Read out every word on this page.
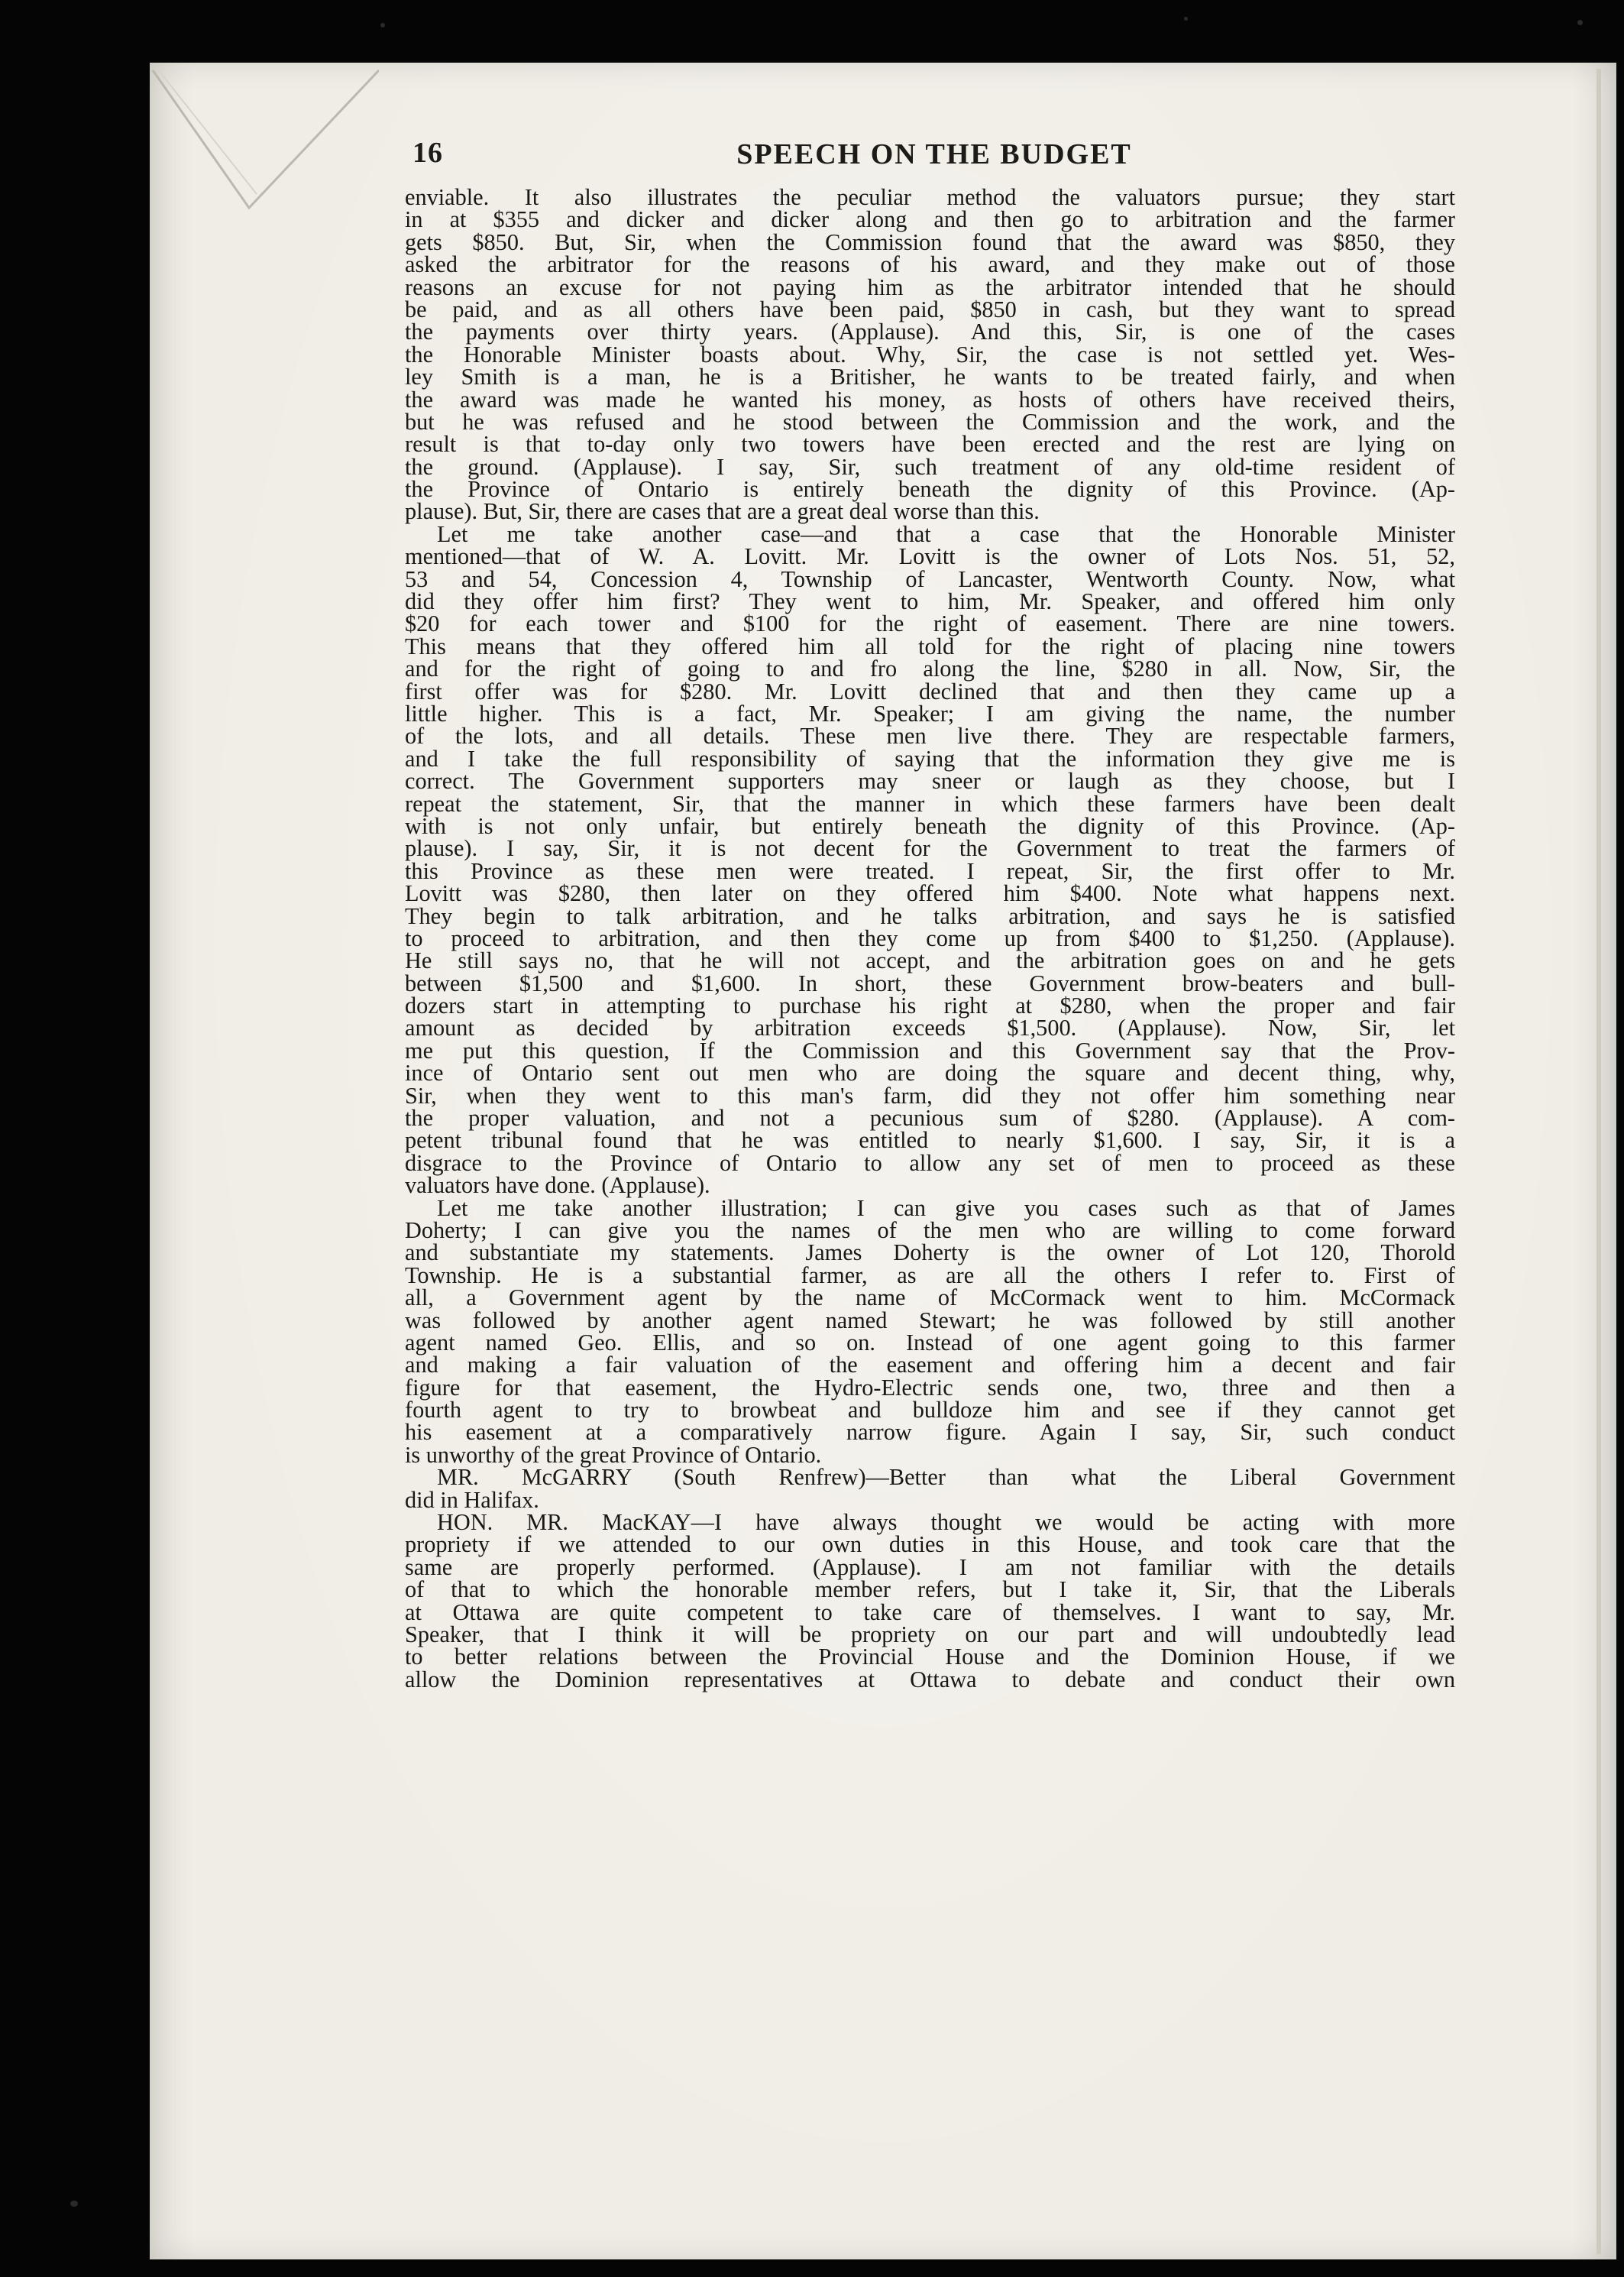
16	SPEECH ON THE BUDGET
enviable. It also illustrates the peculiar method the valuators pursue; they start
in at $355 and dicker and dicker along and then go to arbitration and the farmer
gets $850. But, Sir, when the Commission found that the award was $850, they
asked the arbitrator for the reasons of his award, and they make out of those
reasons an excuse for not paying him as the arbitrator intended that he should
be paid, and as all others have been paid, $850 in cash, but they want to spread
the payments over thirty years. (Applause). And this, Sir, is one of the cases
the Honorable Minister boasts about. Why, Sir, the case is not settled yet. Wes-
ley Smith is a man, he is a Britisher, he wants to be treated fairly, and when
the award was made he wanted his money, as hosts of others have received theirs,
but he was refused and he stood between the Commission and the work, and the
result is that to-day only two towers have been erected and the rest are lying on
the ground. (Applause). I say, Sir, such treatment of any old-time resident of
the Province of Ontario is entirely beneath the dignity of this Province. (Ap-
plause). But, Sir, there are cases that are a great deal worse than this.
Let me take another case—and that a case that the Honorable Minister
mentioned—that of W. A. Lovitt. Mr. Lovitt is the owner of Lots Nos. 51, 52,
53 and 54, Concession 4, Township of Lancaster, Wentworth County. Now, what
did they offer him first? They went to him, Mr. Speaker, and offered him only
$20 for each tower and $100 for the right of easement. There are nine towers.
This means that they offered him all told for the right of placing nine towers
and for the right of going to and fro along the line, $280 in all. Now, Sir, the
first offer was for $280. Mr. Lovitt declined that and then they came up a
little higher. This is a fact, Mr. Speaker; I am giving the name, the number
of the lots, and all details. These men live there. They are respectable farmers,
and I take the full responsibility of saying that the information they give me is
correct. The Government supporters may sneer or laugh as they choose, but I
repeat the statement, Sir, that the manner in which these farmers have been dealt
with is not only unfair, but entirely beneath the dignity of this Province. (Ap-
plause). I say, Sir, it is not decent for the Government to treat the farmers of
this Province as these men were treated. I repeat, Sir, the first offer to Mr.
Lovitt was $280, then later on they offered him $400. Note what happens next.
They begin to talk arbitration, and he talks arbitration, and says he is satisfied
to proceed to arbitration, and then they come up from $400 to $1,250. (Applause).
He still says no, that he will not accept, and the arbitration goes on and he gets
between $1,500 and $1,600. In short, these Government brow-beaters and bull-
dozers start in attempting to purchase his right at $280, when the proper and fair
amount as decided by arbitration exceeds $1,500. (Applause). Now, Sir, let
me put this question, If the Commission and this Government say that the Prov-
ince of Ontario sent out men who are doing the square and decent thing, why,
Sir, when they went to this man's farm, did they not offer him something near
the proper valuation, and not a pecunious sum of $280. (Applause). A com-
petent tribunal found that he was entitled to nearly $1,600. I say, Sir, it is a
disgrace to the Province of Ontario to allow any set of men to proceed as these
valuators have done. (Applause).
Let me take another illustration; I can give you cases such as that of James
Doherty; I can give you the names of the men who are willing to come forward
and substantiate my statements. James Doherty is the owner of Lot 120, Thorold
Township. He is a substantial farmer, as are all the others I refer to. First of
all, a Government agent by the name of McCormack went to him. McCormack
was followed by another agent named Stewart; he was followed by still another
agent named Geo. Ellis, and so on. Instead of one agent going to this farmer
and making a fair valuation of the easement and offering him a decent and fair
figure for that easement, the Hydro-Electric sends one, two, three and then a
fourth agent to try to browbeat and bulldoze him and see if they cannot get
his easement at a comparatively narrow figure. Again I say, Sir, such conduct
is unworthy of the great Province of Ontario.
MR. McGARRY (South Renfrew)—Better than what the Liberal Government
did in Halifax.
HON. MR. MacKAY—I have always thought we would be acting with more
propriety if we attended to our own duties in this House, and took care that the
same are properly performed. (Applause). I am not familiar with the details
of that to which the honorable member refers, but I take it, Sir, that the Liberals
at Ottawa are quite competent to take care of themselves. I want to say, Mr.
Speaker, that I think it will be propriety on our part and will undoubtedly lead
to better relations between the Provincial House and the Dominion House, if we
allow the Dominion representatives at Ottawa to debate and conduct their own
